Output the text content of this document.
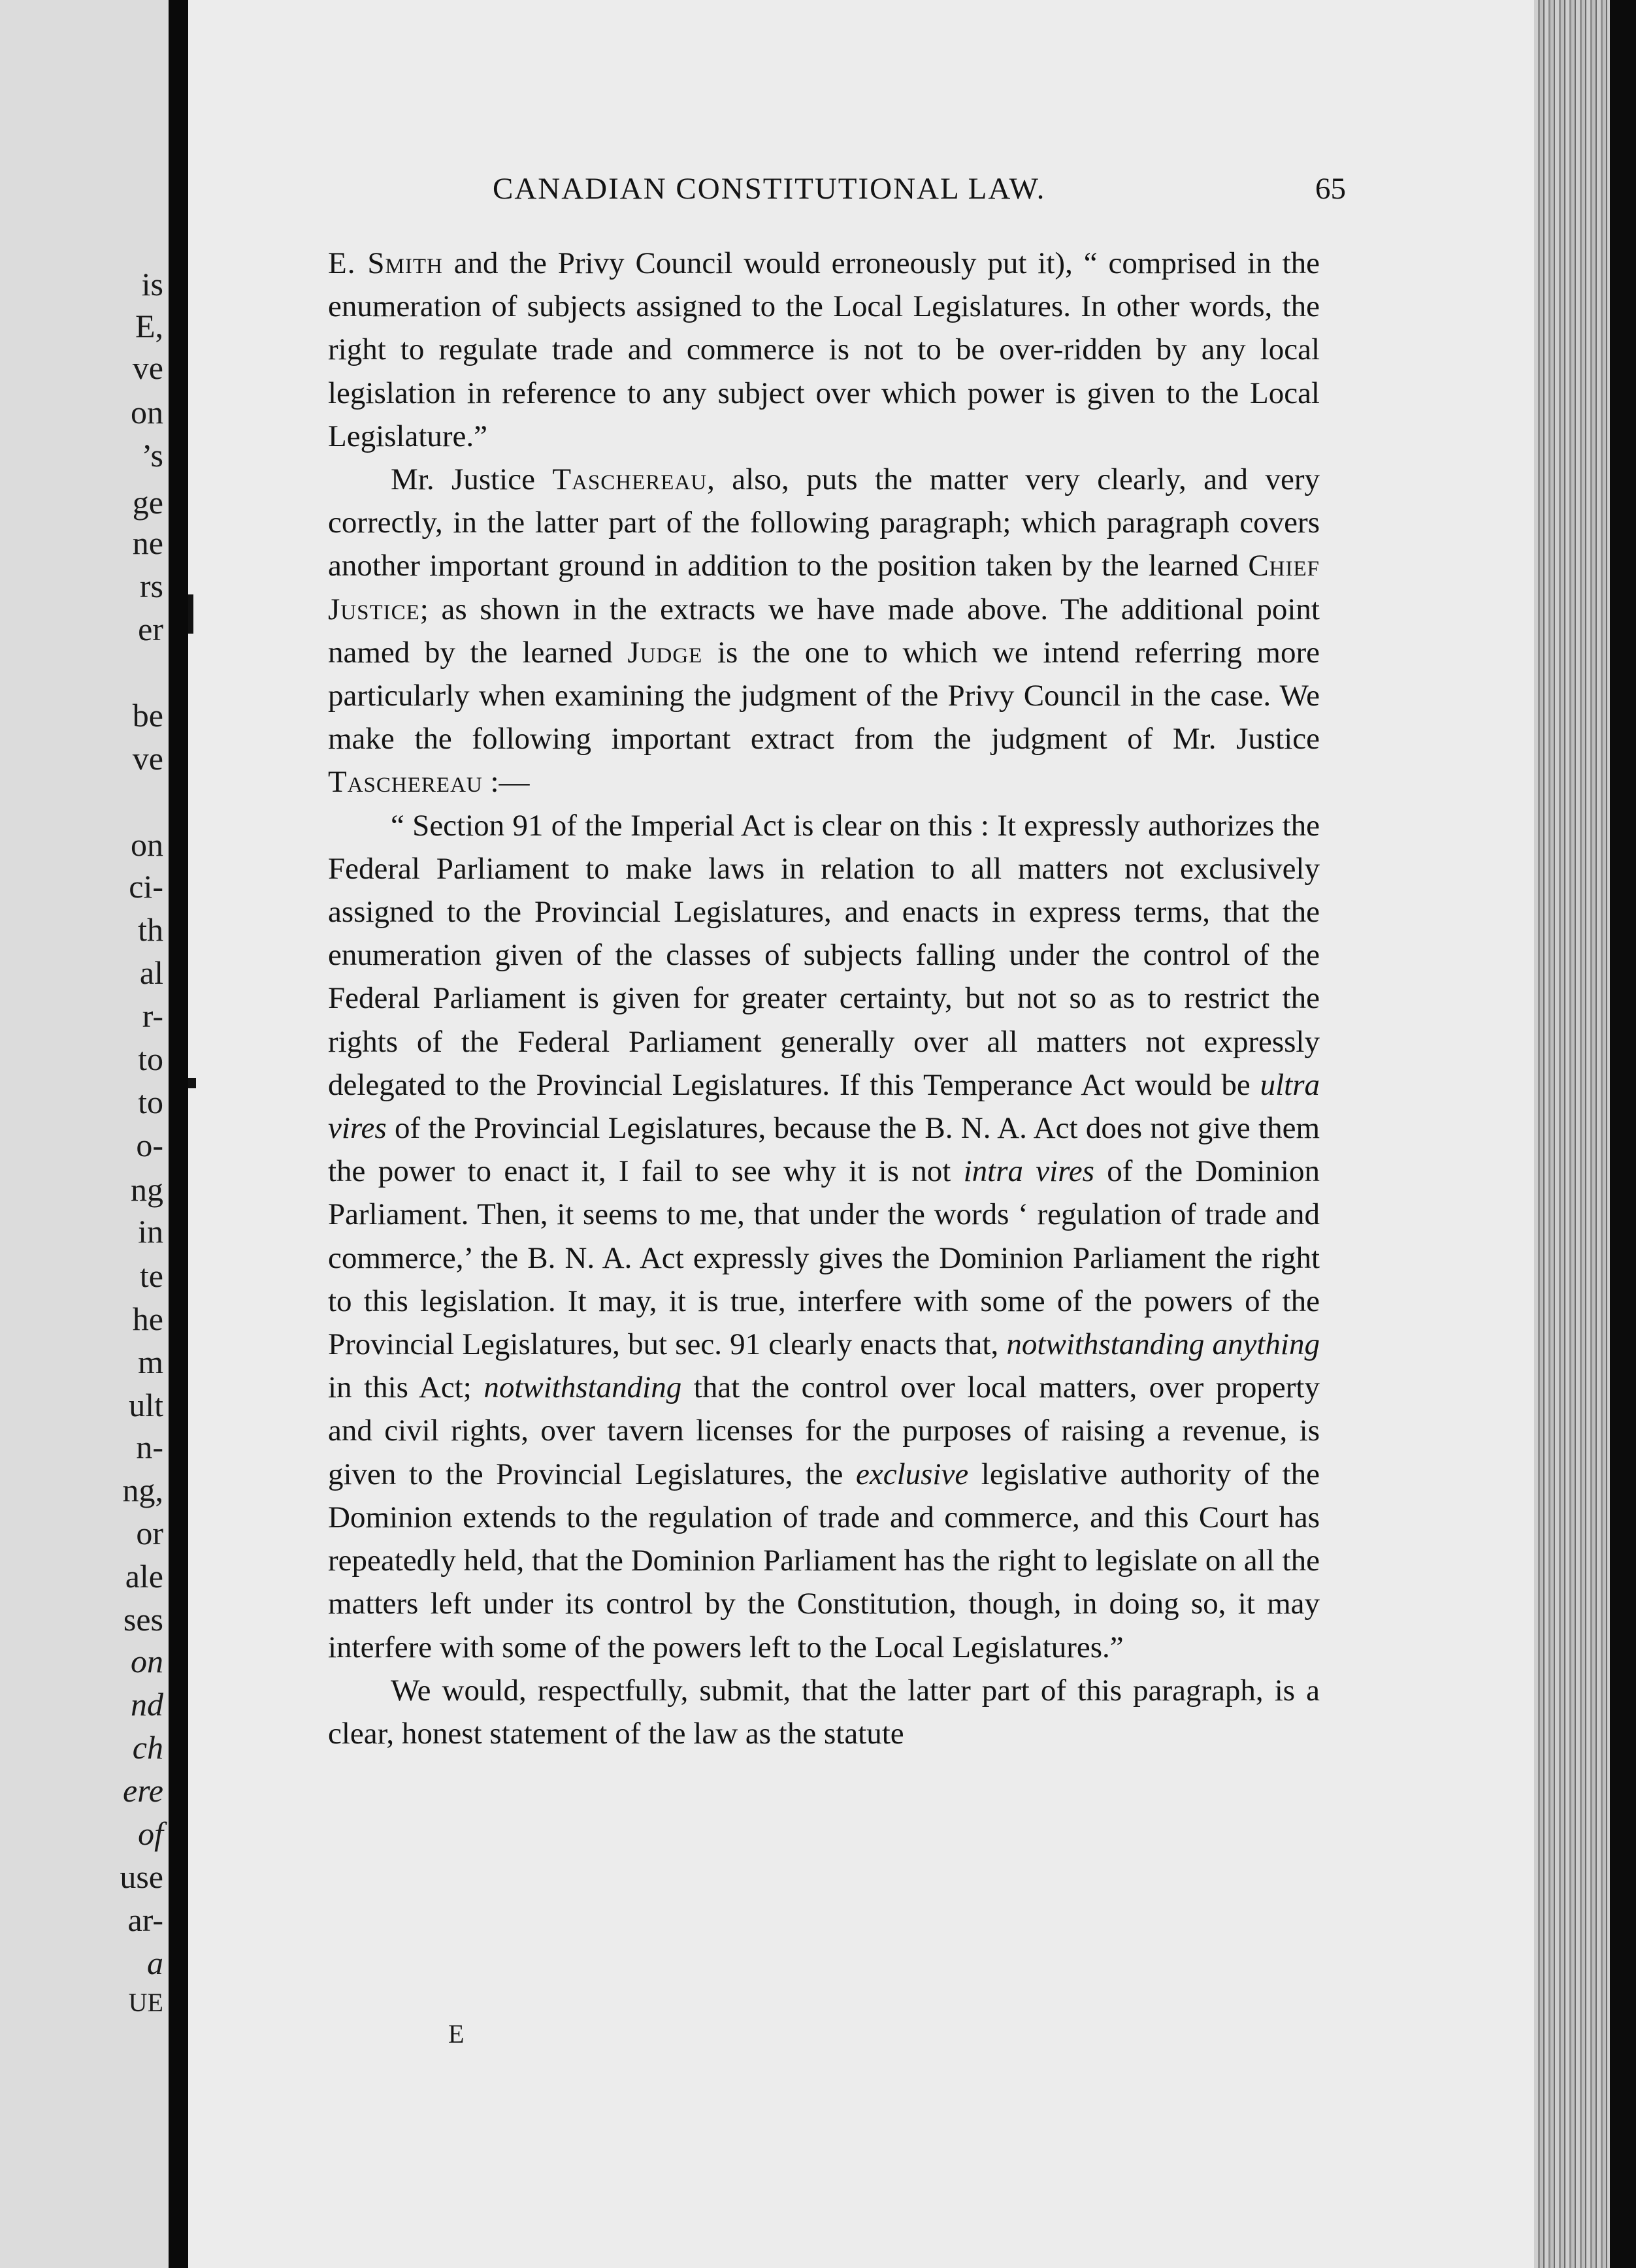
is
E,
ve
on
’s
ge
ne
rs
er
be
ve
on
ci-
th
al
r-
to
to
o-
ng
in
te
he
m
ult
n-
ng,
or
ale
ses
on
nd
ch
ere
of
use
ar-
a
UE
CANADIAN CONSTITUTIONAL LAW.	65

E. Smith and the Privy Council would erroneously put it), “ comprised in the enumeration of subjects assigned to the Local Legislatures. In other words, the right to regulate trade and commerce is not to be over-ridden by any local legislation in reference to any subject over which power is given to the Local Legislature.”

Mr. Justice Taschereau, also, puts the matter very clearly, and very correctly, in the latter part of the following paragraph; which paragraph covers another important ground in addition to the position taken by the learned Chief Justice; as shown in the extracts we have made above. The additional point named by the learned Judge is the one to which we intend referring more particularly when examining the judgment of the Privy Council in the case. We make the following important extract from the judgment of Mr. Justice Taschereau :—

“ Section 91 of the Imperial Act is clear on this : It expressly authorizes the Federal Parliament to make laws in relation to all matters not exclusively assigned to the Provincial Legislatures, and enacts in express terms, that the enumeration given of the classes of subjects falling under the control of the Federal Parliament is given for greater certainty, but not so as to restrict the rights of the Federal Parliament generally over all matters not expressly delegated to the Provincial Legislatures. If this Temperance Act would be ultra vires of the Provincial Legislatures, because the B. N. A. Act does not give them the power to enact it, I fail to see why it is not intra vires of the Dominion Parliament. Then, it seems to me, that under the words ‘ regulation of trade and commerce,’ the B. N. A. Act expressly gives the Dominion Parliament the right to this legislation. It may, it is true, interfere with some of the powers of the Provincial Legislatures, but sec. 91 clearly enacts that, notwithstanding anything in this Act; notwithstanding that the control over local matters, over property and civil rights, over tavern licenses for the purposes of raising a revenue, is given to the Provincial Legislatures, the exclusive legislative authority of the Dominion extends to the regulation of trade and commerce, and this Court has repeatedly held, that the Dominion Parliament has the right to legislate on all the matters left under its control by the Constitution, though, in doing so, it may interfere with some of the powers left to the Local Legislatures.”

We would, respectfully, submit, that the latter part of this paragraph, is a clear, honest statement of the law as the statute

E
